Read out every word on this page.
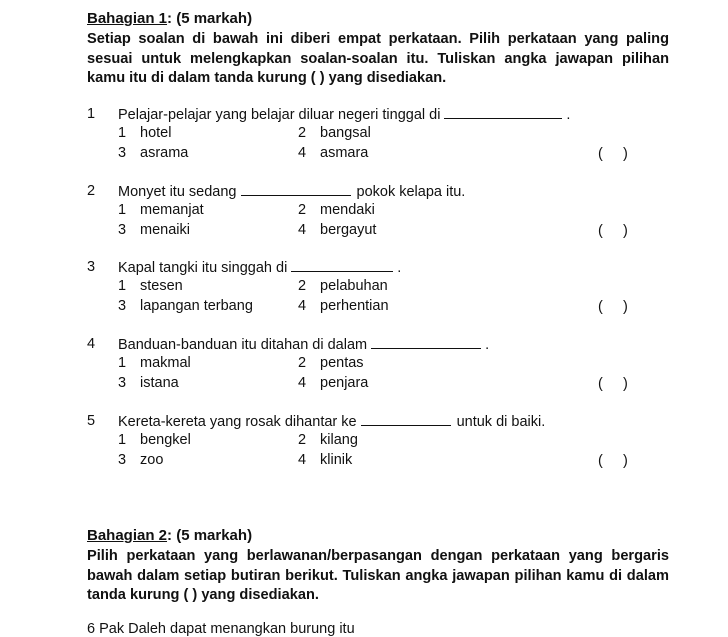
Bahagian 1: (5 markah)
Setiap soalan di bawah ini diberi empat perkataan. Pilih perkataan yang paling sesuai untuk melengkapkan soalan-soalan itu. Tuliskan angka jawapan pilihan kamu itu di dalam tanda kurung ( ) yang disediakan.
1 Pelajar-pelajar yang belajar diluar negeri tinggal di	.
1 hotel	2 bangsal
3 asrama	4 asmara	(     )
2 Monyet itu sedang	pokok kelapa itu.
1 memanjat	2 mendaki
3 menaiki	4 bergayut	(     )
3 Kapal tangki itu singgah di	.
1 stesen	2 pelabuhan
3 lapangan terbang	4 perhentian	(     )
4 Banduan-banduan itu ditahan di dalam	.
1 makmal	2 pentas
3 istana	4 penjara	(     )
5 Kereta-kereta yang rosak dihantar ke	untuk di baiki.
1 bengkel	2 kilang
3 zoo	4 klinik	(     )
Bahagian 2: (5 markah)
Pilih perkataan yang berlawanan/berpasangan dengan perkataan yang bergaris bawah dalam setiap butiran berikut. Tuliskan angka jawapan pilihan kamu di dalam tanda kurung ( ) yang disediakan.
6 Pak Daleh dapat menangkan burung itu
